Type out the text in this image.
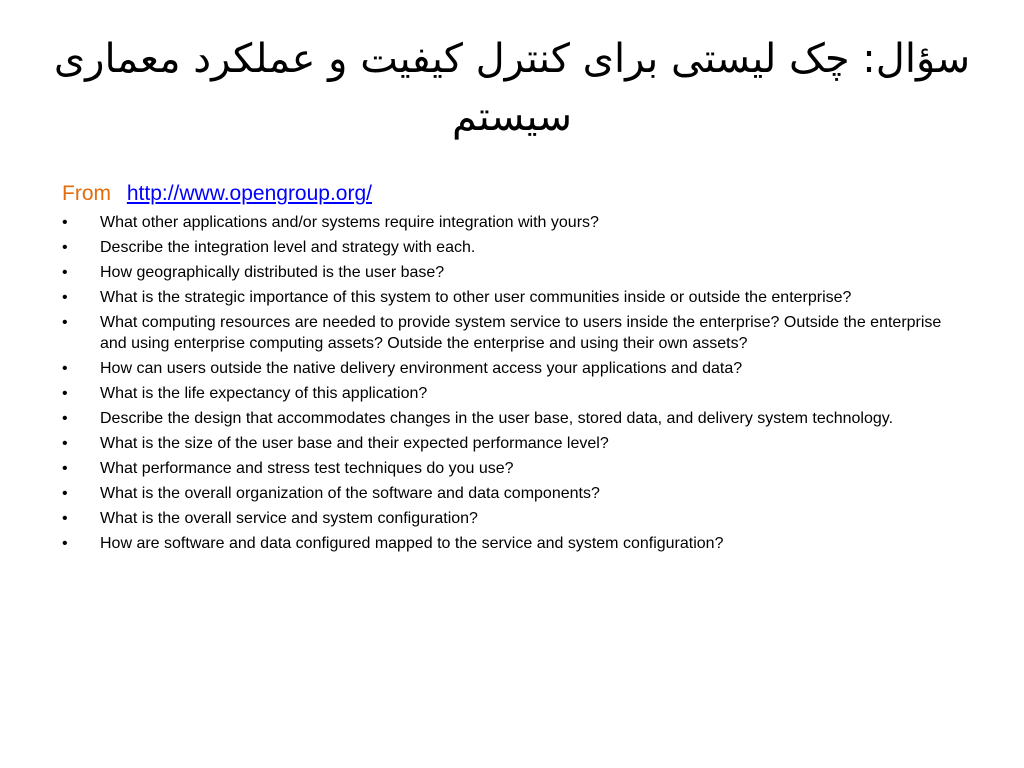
سؤال: چک لیستی برای کنترل کیفیت و عملکرد معماری سیستم
From http://www.opengroup.org/
• What other applications and/or systems require integration with yours?
• Describe the integration level and strategy with each.
• How geographically distributed is the user base?
• What is the strategic importance of this system to other user communities inside or outside the enterprise?
• What computing resources are needed to provide system service to users inside the enterprise? Outside the enterprise and using enterprise computing assets? Outside the enterprise and using their own assets?
• How can users outside the native delivery environment access your applications and data?
• What is the life expectancy of this application?
• Describe the design that accommodates changes in the user base, stored data, and delivery system technology.
• What is the size of the user base and their expected performance level?
• What performance and stress test techniques do you use?
• What is the overall organization of the software and data components?
• What is the overall service and system configuration?
• How are software and data configured mapped to the service and system configuration?
